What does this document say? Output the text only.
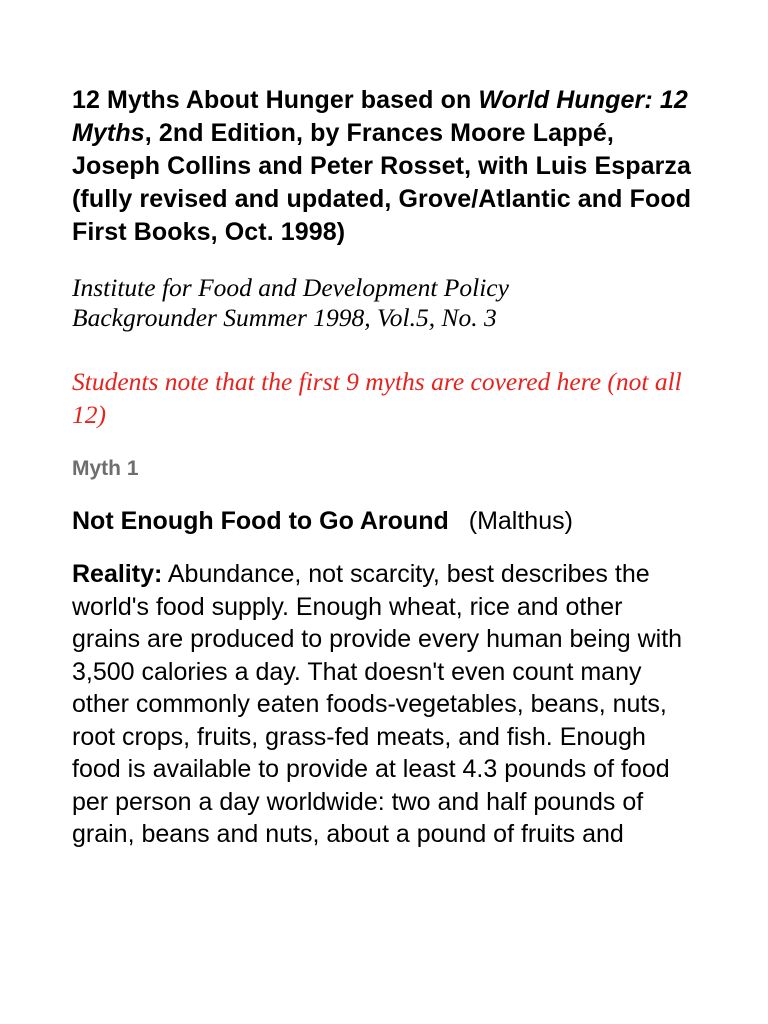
12 Myths About Hunger based on World Hunger: 12 Myths, 2nd Edition, by Frances Moore Lappé, Joseph Collins and Peter Rosset, with Luis Esparza (fully revised and updated, Grove/Atlantic and Food First Books, Oct. 1998)

Institute for Food and Development Policy
Backgrounder Summer 1998, Vol.5, No. 3

Students note that the first 9 myths are covered here (not all 12)

Myth 1

Not Enough Food to Go Around (Malthus)

Reality: Abundance, not scarcity, best describes the world's food supply. Enough wheat, rice and other grains are produced to provide every human being with 3,500 calories a day. That doesn't even count many other commonly eaten foods-vegetables, beans, nuts, root crops, fruits, grass-fed meats, and fish. Enough food is available to provide at least 4.3 pounds of food per person a day worldwide: two and half pounds of grain, beans and nuts, about a pound of fruits and
